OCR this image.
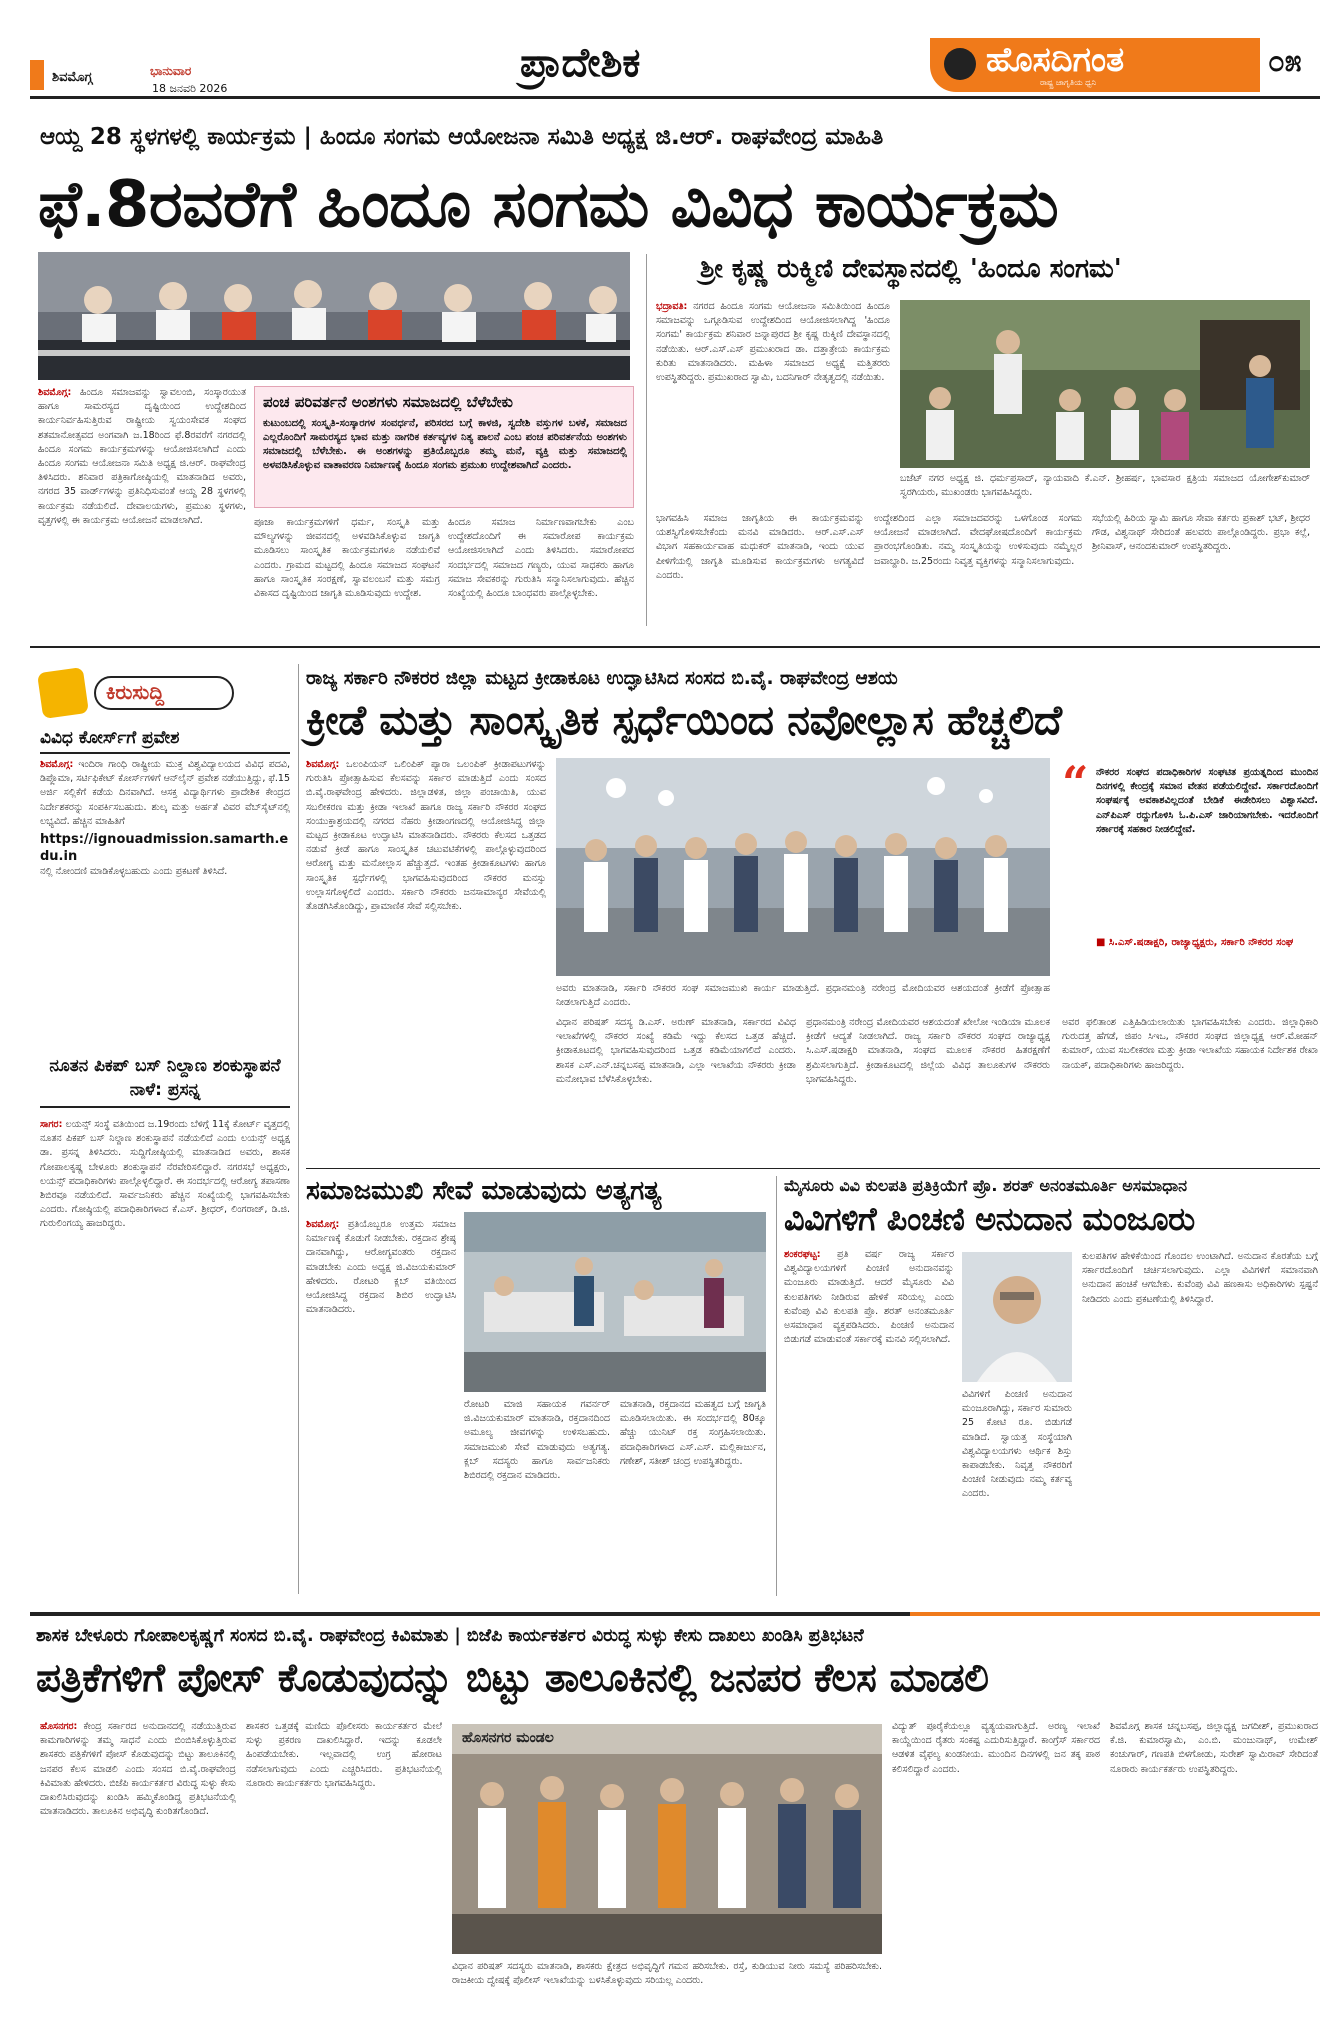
ಶಿವಮೊಗ್ಗ	ಭಾನುವಾರ
18 ಜನವರಿ 2026
ಪ್ರಾದೇಶಿಕ	ಹೊಸದಿಗಂತ
ರಾಷ್ಟ್ರ ಜಾಗೃತಿಯ ಧ್ವನಿ
೦೫
ಆಯ್ದ 28 ಸ್ಥಳಗಳಲ್ಲಿ ಕಾರ್ಯಕ್ರಮ | ಹಿಂದೂ ಸಂಗಮ ಆಯೋಜನಾ ಸಮಿತಿ ಅಧ್ಯಕ್ಷ ಜಿ.ಆರ್. ರಾಘವೇಂದ್ರ ಮಾಹಿತಿ
ಫೆ.8ರವರೆಗೆ ಹಿಂದೂ ಸಂಗಮ ವಿವಿಧ ಕಾರ್ಯಕ್ರಮ
ಶಿವಮೊಗ್ಗ: ಹಿಂದೂ ಸಮಾಜವನ್ನು ಸ್ವಾವಲಂಬಿ, ಸಂಸ್ಕಾರಯುತ ಹಾಗೂ ಸಾಮರಸ್ಯದ ದೃಷ್ಟಿಯಿಂದ ಉದ್ದೇಶದಿಂದ ಕಾರ್ಯನಿರ್ವಹಿಸುತ್ತಿರುವ ರಾಷ್ಟ್ರೀಯ ಸ್ವಯಂಸೇವಕ ಸಂಘದ ಶತಮಾನೋತ್ಸವದ ಅಂಗವಾಗಿ ಜ.18ರಿಂದ ಫೆ.8ರವರೆಗೆ ನಗರದಲ್ಲಿ ಹಿಂದೂ ಸಂಗಮ ಕಾರ್ಯಕ್ರಮಗಳನ್ನು ಆಯೋಜಿಸಲಾಗಿದೆ ಎಂದು ಹಿಂದೂ ಸಂಗಮ ಆಯೋಜನಾ ಸಮಿತಿ ಅಧ್ಯಕ್ಷ ಜಿ.ಆರ್. ರಾಘವೇಂದ್ರ ತಿಳಿಸಿದರು. ಶನಿವಾರ ಪತ್ರಿಕಾಗೋಷ್ಠಿಯಲ್ಲಿ ಮಾತನಾಡಿದ ಅವರು, ನಗರದ 35 ವಾರ್ಡ್‌ಗಳನ್ನು ಪ್ರತಿನಿಧಿಸುವಂತೆ ಆಯ್ದ 28 ಸ್ಥಳಗಳಲ್ಲಿ ಕಾರ್ಯಕ್ರಮ ನಡೆಯಲಿದೆ. ದೇವಾಲಯಗಳು, ಪ್ರಮುಖ ಸ್ಥಳಗಳು, ವೃತ್ತಗಳಲ್ಲಿ ಈ ಕಾರ್ಯಕ್ರಮ ಆಯೋಜನೆ ಮಾಡಲಾಗಿದೆ.
ಪಂಚ ಪರಿವರ್ತನೆ ಅಂಶಗಳು ಸಮಾಜದಲ್ಲಿ ಬೆಳೆಬೇಕು
ಕುಟುಂಬದಲ್ಲಿ ಸಂಸ್ಕೃತಿ-ಸಂಸ್ಕಾರಗಳ ಸಂವರ್ಧನೆ, ಪರಿಸರದ ಬಗ್ಗೆ ಕಾಳಜಿ, ಸ್ವದೇಶಿ ವಸ್ತುಗಳ ಬಳಕೆ, ಸಮಾಜದ ಎಲ್ಲರೊಂದಿಗೆ ಸಾಮರಸ್ಯದ ಭಾವ ಮತ್ತು ನಾಗರಿಕ ಕರ್ತವ್ಯಗಳ ನಿತ್ಯ ಪಾಲನೆ ಎಂಬ ಪಂಚ ಪರಿವರ್ತನೆಯ ಅಂಶಗಳು ಸಮಾಜದಲ್ಲಿ ಬೆಳೆಬೇಕು. ಈ ಅಂಶಗಳನ್ನು ಪ್ರತಿಯೊಬ್ಬರೂ ತಮ್ಮ ಮನೆ, ವ್ಯಕ್ತಿ ಮತ್ತು ಸಮಾಜದಲ್ಲಿ ಅಳವಡಿಸಿಕೊಳ್ಳುವ ವಾತಾವರಣ ನಿರ್ಮಾಣಕ್ಕೆ ಹಿಂದೂ ಸಂಗಮ ಪ್ರಮುಖ ಉದ್ದೇಶವಾಗಿದೆ ಎಂದರು.
ಪೂಜಾ ಕಾರ್ಯಕ್ರಮಗಳಿಗೆ ಧರ್ಮ, ಸಂಸ್ಕೃತಿ ಮತ್ತು ಮೌಲ್ಯಗಳನ್ನು ಜೀವನದಲ್ಲಿ ಅಳವಡಿಸಿಕೊಳ್ಳುವ ಜಾಗೃತಿ ಮೂಡಿಸಲು ಸಾಂಸ್ಕೃತಿಕ ಕಾರ್ಯಕ್ರಮಗಳೂ ನಡೆಯಲಿವೆ ಎಂದರು. ಗ್ರಾಮದ ಮಟ್ಟದಲ್ಲಿ ಹಿಂದೂ ಸಮಾಜದ ಸಂಘಟನೆ ಹಾಗೂ ಸಾಂಸ್ಕೃತಿಕ ಸಂರಕ್ಷಣೆ, ಸ್ವಾವಲಂಬನೆ ಮತ್ತು ಸಮಗ್ರ ವಿಕಾಸದ ದೃಷ್ಟಿಯಿಂದ ಜಾಗೃತಿ ಮೂಡಿಸುವುದು ಉದ್ದೇಶ.
ಹಿಂದೂ ಸಮಾಜ ನಿರ್ಮಾಣವಾಗಬೇಕು ಎಂಬ ಉದ್ದೇಶದೊಂದಿಗೆ ಈ ಸಮಾರೋಪ ಕಾರ್ಯಕ್ರಮ ಆಯೋಜಿಸಲಾಗಿದೆ ಎಂದು ತಿಳಿಸಿದರು. ಸಮಾರೋಪದ ಸಂದರ್ಭದಲ್ಲಿ ಸಮಾಜದ ಗಣ್ಯರು, ಯುವ ಸಾಧಕರು ಹಾಗೂ ಸಮಾಜ ಸೇವಕರನ್ನು ಗುರುತಿಸಿ ಸನ್ಮಾನಿಸಲಾಗುವುದು. ಹೆಚ್ಚಿನ ಸಂಖ್ಯೆಯಲ್ಲಿ ಹಿಂದೂ ಬಾಂಧವರು ಪಾಲ್ಗೊಳ್ಳಬೇಕು.
ಶ್ರೀ ಕೃಷ್ಣ ರುಕ್ಮಿಣಿ ದೇವಸ್ಥಾನದಲ್ಲಿ 'ಹಿಂದೂ ಸಂಗಮ'
ಭದ್ರಾವತಿ: ನಗರದ ಹಿಂದೂ ಸಂಗಮ ಆಯೋಜನಾ ಸಮಿತಿಯಿಂದ ಹಿಂದೂ ಸಮಾಜವನ್ನು ಒಗ್ಗೂಡಿಸುವ ಉದ್ದೇಶದಿಂದ ಆಯೋಜಿಸಲಾಗಿದ್ದ 'ಹಿಂದೂ ಸಂಗಮ' ಕಾರ್ಯಕ್ರಮ ಶನಿವಾರ ಜನ್ನಾಪುರದ ಶ್ರೀ ಕೃಷ್ಣ ರುಕ್ಮಿಣಿ ದೇವಸ್ಥಾನದಲ್ಲಿ ನಡೆಯಿತು. ಆರ್.ಎಸ್.ಎಸ್ ಪ್ರಮುಖರಾದ ಡಾ. ದತ್ತಾತ್ರೇಯ ಕಾರ್ಯಕ್ರಮ ಕುರಿತು ಮಾತನಾಡಿದರು. ಮಹಿಳಾ ಸಮಾಜದ ಅಧ್ಯಕ್ಷೆ ಮತ್ತಿತರರು ಉಪಸ್ಥಿತರಿದ್ದರು. ಪ್ರಮುಖರಾದ ಸ್ವಾಮಿ, ಬದನಿಗಾರ್ ನೇತೃತ್ವದಲ್ಲಿ ನಡೆಯಿತು.
ಬಜೆಟ್ ನಗರ ಅಧ್ಯಕ್ಷ ಜಿ. ಧರ್ಮಪ್ರಸಾದ್, ನ್ಯಾಯವಾದಿ ಕೆ.ಎನ್. ಶ್ರೀಹರ್ಷ, ಭಾವಸಾರ ಕ್ಷತ್ರಿಯ ಸಮಾಜದ ಯೋಗೇಶ್‌ಕುಮಾರ್ ಸ್ವರಗಿಯರು, ಮುಖಂಡರು ಭಾಗವಹಿಸಿದ್ದರು.
ಭಾಗವಹಿಸಿ ಸಮಾಜ ಜಾಗೃತಿಯ ಈ ಕಾರ್ಯಕ್ರಮವನ್ನು ಯಶಸ್ವಿಗೊಳಿಸಬೇಕೆಂದು ಮನವಿ ಮಾಡಿದರು. ಆರ್.ಎಸ್.ಎಸ್ ವಿಭಾಗ ಸಹಕಾರ್ಯವಾಹ ಮಧುಕರ್ ಮಾತನಾಡಿ, ಇಂದು ಯುವ ಪೀಳಿಗೆಯಲ್ಲಿ ಜಾಗೃತಿ ಮೂಡಿಸುವ ಕಾರ್ಯಕ್ರಮಗಳು ಅಗತ್ಯವಿದೆ ಎಂದರು.
ಉದ್ದೇಶದಿಂದ ಎಲ್ಲಾ ಸಮಾಜದವರನ್ನು ಒಳಗೊಂಡ ಸಂಗಮ ಆಯೋಜನೆ ಮಾಡಲಾಗಿದೆ. ವೇದಘೋಷದೊಂದಿಗೆ ಕಾರ್ಯಕ್ರಮ ಪ್ರಾರಂಭಗೊಂಡಿತು. ನಮ್ಮ ಸಂಸ್ಕೃತಿಯನ್ನು ಉಳಿಸುವುದು ನಮ್ಮೆಲ್ಲರ ಜವಾಬ್ದಾರಿ. ಜ.25ರಂದು ನಿವೃತ್ತ ವ್ಯಕ್ತಿಗಳನ್ನು ಸನ್ಮಾನಿಸಲಾಗುವುದು.
ಸಭೆಯಲ್ಲಿ ಹಿರಿಯ ಸ್ವಾಮಿ ಹಾಗೂ ಸೇವಾ ಕರ್ತರು ಪ್ರಕಾಶ್ ಭಟ್, ಶ್ರೀಧರ ಗೌಡ, ವಿಶ್ವನಾಥ್ ಸೇರಿದಂತೆ ಹಲವರು ಪಾಲ್ಗೊಂಡಿದ್ದರು. ಪ್ರಭಾ ಕಲ್ಲೆ, ಶ್ರೀನಿವಾಸ್, ಆನಂದಕುಮಾರ್ ಉಪಸ್ಥಿತರಿದ್ದರು.
ಕಿರುಸುದ್ದಿ
ವಿವಿಧ ಕೋರ್ಸ್‌ಗೆ ಪ್ರವೇಶ
ಶಿವಮೊಗ್ಗ: ಇಂದಿರಾ ಗಾಂಧಿ ರಾಷ್ಟ್ರೀಯ ಮುಕ್ತ ವಿಶ್ವವಿದ್ಯಾಲಯದ ವಿವಿಧ ಪದವಿ, ಡಿಪ್ಲೊಮಾ, ಸರ್ಟಿಫಿಕೇಟ್ ಕೋರ್ಸ್‌ಗಳಿಗೆ ಆನ್‌ಲೈನ್ ಪ್ರವೇಶ ನಡೆಯುತ್ತಿದ್ದು, ಫೆ.15 ಅರ್ಜಿ ಸಲ್ಲಿಕೆಗೆ ಕಡೆಯ ದಿನವಾಗಿದೆ. ಆಸಕ್ತ ವಿದ್ಯಾರ್ಥಿಗಳು ಪ್ರಾದೇಶಿಕ ಕೇಂದ್ರದ ನಿರ್ದೇಶಕರನ್ನು ಸಂಪರ್ಕಿಸಬಹುದು. ಶುಲ್ಕ ಮತ್ತು ಅರ್ಹತೆ ವಿವರ ವೆಬ್‌ಸೈಟ್‌ನಲ್ಲಿ ಲಭ್ಯವಿದೆ. ಹೆಚ್ಚಿನ ಮಾಹಿತಿಗೆ
https://ignouadmission.samarth.edu.in
ನಲ್ಲಿ ನೋಂದಣಿ ಮಾಡಿಕೊಳ್ಳಬಹುದು ಎಂದು ಪ್ರಕಟಣೆ ತಿಳಿಸಿದೆ.
ನೂತನ ಪಿಕಪ್ ಬಸ್ ನಿಲ್ದಾಣ ಶಂಕುಸ್ಥಾಪನೆ ನಾಳೆ: ಪ್ರಸನ್ನ
ಸಾಗರ: ಲಯನ್ಸ್ ಸಂಸ್ಥೆ ವತಿಯಿಂದ ಜ.19ರಂದು ಬೆಳಿಗ್ಗೆ 11ಕ್ಕೆ ಕೋರ್ಟ್ ವೃತ್ತದಲ್ಲಿ ನೂತನ ಪಿಕಪ್ ಬಸ್ ನಿಲ್ದಾಣ ಶಂಕುಸ್ಥಾಪನೆ ನಡೆಯಲಿದೆ ಎಂದು ಲಯನ್ಸ್ ಅಧ್ಯಕ್ಷ ಡಾ. ಪ್ರಸನ್ನ ತಿಳಿಸಿದರು. ಸುದ್ದಿಗೋಷ್ಠಿಯಲ್ಲಿ ಮಾತನಾಡಿದ ಅವರು, ಶಾಸಕ ಗೋಪಾಲಕೃಷ್ಣ ಬೇಳೂರು ಶಂಕುಸ್ಥಾಪನೆ ನೆರವೇರಿಸಲಿದ್ದಾರೆ. ನಗರಸಭೆ ಅಧ್ಯಕ್ಷರು, ಲಯನ್ಸ್ ಪದಾಧಿಕಾರಿಗಳು ಪಾಲ್ಗೊಳ್ಳಲಿದ್ದಾರೆ. ಈ ಸಂದರ್ಭದಲ್ಲಿ ಆರೋಗ್ಯ ತಪಾಸಣಾ ಶಿಬಿರವೂ ನಡೆಯಲಿದೆ. ಸಾರ್ವಜನಿಕರು ಹೆಚ್ಚಿನ ಸಂಖ್ಯೆಯಲ್ಲಿ ಭಾಗವಹಿಸಬೇಕು ಎಂದರು. ಗೋಷ್ಠಿಯಲ್ಲಿ ಪದಾಧಿಕಾರಿಗಳಾದ ಕೆ.ಎಸ್. ಶ್ರೀಧರ್, ಲಿಂಗರಾಜ್, ಡಿ.ಜಿ. ಗುರುಲಿಂಗಯ್ಯ ಹಾಜರಿದ್ದರು.
ರಾಜ್ಯ ಸರ್ಕಾರಿ ನೌಕರರ ಜಿಲ್ಲಾ ಮಟ್ಟದ ಕ್ರೀಡಾಕೂಟ ಉದ್ಘಾಟಿಸಿದ ಸಂಸದ ಬಿ.ವೈ. ರಾಘವೇಂದ್ರ ಆಶಯ
ಕ್ರೀಡೆ ಮತ್ತು ಸಾಂಸ್ಕೃತಿಕ ಸ್ಪರ್ಧೆಯಿಂದ ನವೋಲ್ಲಾಸ ಹೆಚ್ಚಲಿದೆ
ಶಿವಮೊಗ್ಗ: ಒಲಂಪಿಯನ್ ಒಲಿಂಪಿಕ್ ಪ್ಯಾರಾ ಒಲಂಪಿಕ್ ಕ್ರೀಡಾಪಟುಗಳನ್ನು ಗುರುತಿಸಿ ಪ್ರೋತ್ಸಾಹಿಸುವ ಕೆಲಸವನ್ನು ಸರ್ಕಾರ ಮಾಡುತ್ತಿದೆ ಎಂದು ಸಂಸದ ಬಿ.ವೈ.ರಾಘವೇಂದ್ರ ಹೇಳಿದರು. ಜಿಲ್ಲಾಡಳಿತ, ಜಿಲ್ಲಾ ಪಂಚಾಯಿತಿ, ಯುವ ಸಬಲೀಕರಣ ಮತ್ತು ಕ್ರೀಡಾ ಇಲಾಖೆ ಹಾಗೂ ರಾಜ್ಯ ಸರ್ಕಾರಿ ನೌಕರರ ಸಂಘದ ಸಂಯುಕ್ತಾಶ್ರಯದಲ್ಲಿ ನಗರದ ನೆಹರು ಕ್ರೀಡಾಂಗಣದಲ್ಲಿ ಆಯೋಜಿಸಿದ್ದ ಜಿಲ್ಲಾ ಮಟ್ಟದ ಕ್ರೀಡಾಕೂಟ ಉದ್ಘಾಟಿಸಿ ಮಾತನಾಡಿದರು. ನೌಕರರು ಕೆಲಸದ ಒತ್ತಡದ ನಡುವೆ ಕ್ರೀಡೆ ಹಾಗೂ ಸಾಂಸ್ಕೃತಿಕ ಚಟುವಟಿಕೆಗಳಲ್ಲಿ ಪಾಲ್ಗೊಳ್ಳುವುದರಿಂದ ಆರೋಗ್ಯ ಮತ್ತು ಮನೋಲ್ಲಾಸ ಹೆಚ್ಚುತ್ತದೆ. ಇಂತಹ ಕ್ರೀಡಾಕೂಟಗಳು ಹಾಗೂ ಸಾಂಸ್ಕೃತಿಕ ಸ್ಪರ್ಧೆಗಳಲ್ಲಿ ಭಾಗವಹಿಸುವುದರಿಂದ ನೌಕರರ ಮನಸ್ಸು ಉಲ್ಲಾಸಗೊಳ್ಳಲಿದೆ ಎಂದರು. ಸರ್ಕಾರಿ ನೌಕರರು ಜನಸಾಮಾನ್ಯರ ಸೇವೆಯಲ್ಲಿ ತೊಡಗಿಸಿಕೊಂಡಿದ್ದು, ಪ್ರಾಮಾಣಿಕ ಸೇವೆ ಸಲ್ಲಿಸಬೇಕು.
ಅವರು ಮಾತನಾಡಿ, ಸರ್ಕಾರಿ ನೌಕರರ ಸಂಘ ಸಮಾಜಮುಖಿ ಕಾರ್ಯ ಮಾಡುತ್ತಿದೆ. ಪ್ರಧಾನಮಂತ್ರಿ ನರೇಂದ್ರ ಮೋದಿಯವರ ಆಶಯದಂತೆ ಕ್ರೀಡೆಗೆ ಪ್ರೋತ್ಸಾಹ ನೀಡಲಾಗುತ್ತಿದೆ ಎಂದರು.
“ ನೌಕರರ ಸಂಘದ ಪದಾಧಿಕಾರಿಗಳ ಸಂಘಟಿತ ಪ್ರಯತ್ನದಿಂದ ಮುಂದಿನ ದಿನಗಳಲ್ಲಿ ಕೇಂದ್ರಕ್ಕೆ ಸಮಾನ ವೇತನ ಪಡೆಯಲಿದ್ದೇವೆ. ಸರ್ಕಾರದೊಂದಿಗೆ ಸಂಘರ್ಷಕ್ಕೆ ಅವಕಾಶವಿಲ್ಲದಂತೆ ಬೇಡಿಕೆ ಈಡೇರಿಸಲು ವಿಶ್ವಾಸವಿದೆ. ಎನ್‌ಪಿಎಸ್ ರದ್ದುಗೊಳಿಸಿ ಓ.ಪಿ.ಎಸ್ ಜಾರಿಯಾಗಬೇಕು. ಇದರೊಂದಿಗೆ ಸರ್ಕಾರಕ್ಕೆ ಸಹಕಾರ ನೀಡಲಿದ್ದೇವೆ.
■ ಸಿ.ಎಸ್.ಷಡಾಕ್ಷರಿ, ರಾಜ್ಯಾಧ್ಯಕ್ಷರು, ಸರ್ಕಾರಿ ನೌಕರರ ಸಂಘ
ವಿಧಾನ ಪರಿಷತ್ ಸದಸ್ಯ ಡಿ.ಎಸ್. ಅರುಣ್ ಮಾತನಾಡಿ, ಸರ್ಕಾರದ ವಿವಿಧ ಇಲಾಖೆಗಳಲ್ಲಿ ನೌಕರರ ಸಂಖ್ಯೆ ಕಡಿಮೆ ಇದ್ದು ಕೆಲಸದ ಒತ್ತಡ ಹೆಚ್ಚಿದೆ. ಕ್ರೀಡಾಕೂಟದಲ್ಲಿ ಭಾಗವಹಿಸುವುದರಿಂದ ಒತ್ತಡ ಕಡಿಮೆಯಾಗಲಿದೆ ಎಂದರು. ಶಾಸಕ ಎಸ್.ಎನ್.ಚನ್ನಬಸಪ್ಪ ಮಾತನಾಡಿ, ಎಲ್ಲಾ ಇಲಾಖೆಯ ನೌಕರರು ಕ್ರೀಡಾ ಮನೋಭಾವ ಬೆಳೆಸಿಕೊಳ್ಳಬೇಕು.
ಪ್ರಧಾನಮಂತ್ರಿ ನರೇಂದ್ರ ಮೋದಿಯವರ ಆಶಯದಂತೆ ಖೇಲೋ ಇಂಡಿಯಾ ಮೂಲಕ ಕ್ರೀಡೆಗೆ ಆದ್ಯತೆ ನೀಡಲಾಗಿದೆ. ರಾಜ್ಯ ಸರ್ಕಾರಿ ನೌಕರರ ಸಂಘದ ರಾಜ್ಯಾಧ್ಯಕ್ಷ ಸಿ.ಎಸ್.ಷಡಾಕ್ಷರಿ ಮಾತನಾಡಿ, ಸಂಘದ ಮೂಲಕ ನೌಕರರ ಹಿತರಕ್ಷಣೆಗೆ ಶ್ರಮಿಸಲಾಗುತ್ತಿದೆ. ಕ್ರೀಡಾಕೂಟದಲ್ಲಿ ಜಿಲ್ಲೆಯ ವಿವಿಧ ತಾಲೂಕುಗಳ ನೌಕರರು ಭಾಗವಹಿಸಿದ್ದರು.
ಅವರ ಫಲಿತಾಂಶ ಎತ್ತಿಹಿಡಿಯಲಾಯಿತು ಭಾಗವಹಿಸಬೇಕು ಎಂದರು. ಜಿಲ್ಲಾಧಿಕಾರಿ ಗುರುದತ್ತ ಹೆಗಡೆ, ಜಿಪಂ ಸಿಇಒ, ನೌಕರರ ಸಂಘದ ಜಿಲ್ಲಾಧ್ಯಕ್ಷ ಆರ್.ಮೋಹನ್ ಕುಮಾರ್, ಯುವ ಸಬಲೀಕರಣ ಮತ್ತು ಕ್ರೀಡಾ ಇಲಾಖೆಯ ಸಹಾಯಕ ನಿರ್ದೇಶಕ ರೇಖಾ ನಾಯಕ್, ಪದಾಧಿಕಾರಿಗಳು ಹಾಜರಿದ್ದರು.
ಸಮಾಜಮುಖಿ ಸೇವೆ ಮಾಡುವುದು ಅತ್ಯಗತ್ಯ
ಶಿವಮೊಗ್ಗ: ಪ್ರತಿಯೊಬ್ಬರೂ ಉತ್ತಮ ಸಮಾಜ ನಿರ್ಮಾಣಕ್ಕೆ ಕೊಡುಗೆ ನೀಡಬೇಕು. ರಕ್ತದಾನ ಶ್ರೇಷ್ಠ ದಾನವಾಗಿದ್ದು, ಆರೋಗ್ಯವಂತರು ರಕ್ತದಾನ ಮಾಡಬೇಕು ಎಂದು ಅಧ್ಯಕ್ಷ ಜಿ.ವಿಜಯಕುಮಾರ್ ಹೇಳಿದರು. ರೋಟರಿ ಕ್ಲಬ್ ವತಿಯಿಂದ ಆಯೋಜಿಸಿದ್ದ ರಕ್ತದಾನ ಶಿಬಿರ ಉದ್ಘಾಟಿಸಿ ಮಾತನಾಡಿದರು.
ರೋಟರಿ ಮಾಜಿ ಸಹಾಯಕ ಗವರ್ನರ್ ಜಿ.ವಿಜಯಕುಮಾರ್ ಮಾತನಾಡಿ, ರಕ್ತದಾನದಿಂದ ಅಮೂಲ್ಯ ಜೀವಗಳನ್ನು ಉಳಿಸಬಹುದು. ಸಮಾಜಮುಖಿ ಸೇವೆ ಮಾಡುವುದು ಅತ್ಯಗತ್ಯ. ಕ್ಲಬ್ ಸದಸ್ಯರು ಹಾಗೂ ಸಾರ್ವಜನಿಕರು ಶಿಬಿರದಲ್ಲಿ ರಕ್ತದಾನ ಮಾಡಿದರು.
ಮಾತನಾಡಿ, ರಕ್ತದಾನದ ಮಹತ್ವದ ಬಗ್ಗೆ ಜಾಗೃತಿ ಮೂಡಿಸಲಾಯಿತು. ಈ ಸಂದರ್ಭದಲ್ಲಿ 80ಕ್ಕೂ ಹೆಚ್ಚು ಯುನಿಟ್ ರಕ್ತ ಸಂಗ್ರಹಿಸಲಾಯಿತು. ಪದಾಧಿಕಾರಿಗಳಾದ ಎಸ್.ಎಸ್. ಮಲ್ಲಿಕಾರ್ಜುನ, ಗಣೇಶ್, ಸತೀಶ್ ಚಂದ್ರ ಉಪಸ್ಥಿತರಿದ್ದರು.
ಮೈಸೂರು ವಿವಿ ಕುಲಪತಿ ಪ್ರತಿಕ್ರಿಯೆಗೆ ಪ್ರೊ. ಶರತ್ ಅನಂತಮೂರ್ತಿ ಅಸಮಾಧಾನ
ವಿವಿಗಳಿಗೆ ಪಿಂಚಣಿ ಅನುದಾನ ಮಂಜೂರು
ಶಂಕರಘಟ್ಟ: ಪ್ರತಿ ವರ್ಷ ರಾಜ್ಯ ಸರ್ಕಾರ ವಿಶ್ವವಿದ್ಯಾಲಯಗಳಿಗೆ ಪಿಂಚಣಿ ಅನುದಾನವನ್ನು ಮಂಜೂರು ಮಾಡುತ್ತಿದೆ. ಆದರೆ ಮೈಸೂರು ವಿವಿ ಕುಲಪತಿಗಳು ನೀಡಿರುವ ಹೇಳಿಕೆ ಸರಿಯಲ್ಲ ಎಂದು ಕುವೆಂಪು ವಿವಿ ಕುಲಪತಿ ಪ್ರೊ. ಶರತ್ ಅನಂತಮೂರ್ತಿ ಅಸಮಾಧಾನ ವ್ಯಕ್ತಪಡಿಸಿದರು. ಪಿಂಚಣಿ ಅನುದಾನ ಬಿಡುಗಡೆ ಮಾಡುವಂತೆ ಸರ್ಕಾರಕ್ಕೆ ಮನವಿ ಸಲ್ಲಿಸಲಾಗಿದೆ.
ವಿವಿಗಳಿಗೆ ಪಿಂಚಣಿ ಅನುದಾನ ಮಂಜೂರಾಗಿದ್ದು, ಸರ್ಕಾರ ಸುಮಾರು 25 ಕೋಟಿ ರೂ. ಬಿಡುಗಡೆ ಮಾಡಿದೆ. ಸ್ವಾಯತ್ತ ಸಂಸ್ಥೆಯಾಗಿ ವಿಶ್ವವಿದ್ಯಾಲಯಗಳು ಆರ್ಥಿಕ ಶಿಸ್ತು ಕಾಪಾಡಬೇಕು. ನಿವೃತ್ತ ನೌಕರರಿಗೆ ಪಿಂಚಣಿ ನೀಡುವುದು ನಮ್ಮ ಕರ್ತವ್ಯ ಎಂದರು.
ಕುಲಪತಿಗಳ ಹೇಳಿಕೆಯಿಂದ ಗೊಂದಲ ಉಂಟಾಗಿದೆ. ಅನುದಾನ ಕೊರತೆಯ ಬಗ್ಗೆ ಸರ್ಕಾರದೊಂದಿಗೆ ಚರ್ಚಿಸಲಾಗುವುದು. ಎಲ್ಲಾ ವಿವಿಗಳಿಗೆ ಸಮಾನವಾಗಿ ಅನುದಾನ ಹಂಚಿಕೆ ಆಗಬೇಕು. ಕುವೆಂಪು ವಿವಿ ಹಣಕಾಸು ಅಧಿಕಾರಿಗಳು ಸ್ಪಷ್ಟನೆ ನೀಡಿದರು ಎಂದು ಪ್ರಕಟಣೆಯಲ್ಲಿ ತಿಳಿಸಿದ್ದಾರೆ.
ಶಾಸಕ ಬೇಳೂರು ಗೋಪಾಲಕೃಷ್ಣಗೆ ಸಂಸದ ಬಿ.ವೈ. ರಾಘವೇಂದ್ರ ಕಿವಿಮಾತು | ಬಿಜೆಪಿ ಕಾರ್ಯಕರ್ತರ ವಿರುದ್ಧ ಸುಳ್ಳು ಕೇಸು ದಾಖಲು ಖಂಡಿಸಿ ಪ್ರತಿಭಟನೆ
ಪತ್ರಿಕೆಗಳಿಗೆ ಪೋಸ್ ಕೊಡುವುದನ್ನು ಬಿಟ್ಟು ತಾಲೂಕಿನಲ್ಲಿ ಜನಪರ ಕೆಲಸ ಮಾಡಲಿ
ಹೊಸನಗರ: ಕೇಂದ್ರ ಸರ್ಕಾರದ ಅನುದಾನದಲ್ಲಿ ನಡೆಯುತ್ತಿರುವ ಕಾಮಗಾರಿಗಳನ್ನು ತಮ್ಮ ಸಾಧನೆ ಎಂದು ಬಿಂಬಿಸಿಕೊಳ್ಳುತ್ತಿರುವ ಶಾಸಕರು ಪತ್ರಿಕೆಗಳಿಗೆ ಪೋಸ್ ಕೊಡುವುದನ್ನು ಬಿಟ್ಟು ತಾಲೂಕಿನಲ್ಲಿ ಜನಪರ ಕೆಲಸ ಮಾಡಲಿ ಎಂದು ಸಂಸದ ಬಿ.ವೈ.ರಾಘವೇಂದ್ರ ಕಿವಿಮಾತು ಹೇಳಿದರು. ಬಿಜೆಪಿ ಕಾರ್ಯಕರ್ತರ ವಿರುದ್ಧ ಸುಳ್ಳು ಕೇಸು ದಾಖಲಿಸಿರುವುದನ್ನು ಖಂಡಿಸಿ ಹಮ್ಮಿಕೊಂಡಿದ್ದ ಪ್ರತಿಭಟನೆಯಲ್ಲಿ ಮಾತನಾಡಿದರು. ತಾಲೂಕಿನ ಅಭಿವೃದ್ಧಿ ಕುಂಠಿತಗೊಂಡಿದೆ.
ಶಾಸಕರ ಒತ್ತಡಕ್ಕೆ ಮಣಿದು ಪೊಲೀಸರು ಕಾರ್ಯಕರ್ತರ ಮೇಲೆ ಸುಳ್ಳು ಪ್ರಕರಣ ದಾಖಲಿಸಿದ್ದಾರೆ. ಇದನ್ನು ಕೂಡಲೇ ಹಿಂಪಡೆಯಬೇಕು. ಇಲ್ಲವಾದಲ್ಲಿ ಉಗ್ರ ಹೋರಾಟ ನಡೆಸಲಾಗುವುದು ಎಂದು ಎಚ್ಚರಿಸಿದರು. ಪ್ರತಿಭಟನೆಯಲ್ಲಿ ನೂರಾರು ಕಾರ್ಯಕರ್ತರು ಭಾಗವಹಿಸಿದ್ದರು.
ಹೊಸನಗರ ಮಂಡಲ
ವಿಧಾನ ಪರಿಷತ್ ಸದಸ್ಯರು ಮಾತನಾಡಿ, ಶಾಸಕರು ಕ್ಷೇತ್ರದ ಅಭಿವೃದ್ಧಿಗೆ ಗಮನ ಹರಿಸಬೇಕು. ರಸ್ತೆ, ಕುಡಿಯುವ ನೀರು ಸಮಸ್ಯೆ ಪರಿಹರಿಸಬೇಕು. ರಾಜಕೀಯ ದ್ವೇಷಕ್ಕೆ ಪೊಲೀಸ್ ಇಲಾಖೆಯನ್ನು ಬಳಸಿಕೊಳ್ಳುವುದು ಸರಿಯಲ್ಲ ಎಂದರು.
ವಿದ್ಯುತ್ ಪೂರೈಕೆಯಲ್ಲೂ ವ್ಯತ್ಯಯವಾಗುತ್ತಿದೆ. ಅರಣ್ಯ ಇಲಾಖೆ ಕಾಯ್ದೆಯಿಂದ ರೈತರು ಸಂಕಷ್ಟ ಎದುರಿಸುತ್ತಿದ್ದಾರೆ. ಕಾಂಗ್ರೆಸ್ ಸರ್ಕಾರದ ಆಡಳಿತ ವೈಫಲ್ಯ ಖಂಡನೀಯ. ಮುಂದಿನ ದಿನಗಳಲ್ಲಿ ಜನ ತಕ್ಕ ಪಾಠ ಕಲಿಸಲಿದ್ದಾರೆ ಎಂದರು.
ಶಿವಮೊಗ್ಗ ಶಾಸಕ ಚನ್ನಬಸಪ್ಪ, ಜಿಲ್ಲಾಧ್ಯಕ್ಷ ಜಗದೀಶ್, ಪ್ರಮುಖರಾದ ಕೆ.ಜಿ. ಕುಮಾರಸ್ವಾಮಿ, ಎಂ.ಬಿ. ಮಂಜುನಾಥ್, ಉಮೇಶ್ ಕಂಚುಗಾರ್, ಗಣಪತಿ ಬಿಳಗೋಡು, ಸುರೇಶ್ ಸ್ವಾಮಿರಾವ್ ಸೇರಿದಂತೆ ನೂರಾರು ಕಾರ್ಯಕರ್ತರು ಉಪಸ್ಥಿತರಿದ್ದರು.
